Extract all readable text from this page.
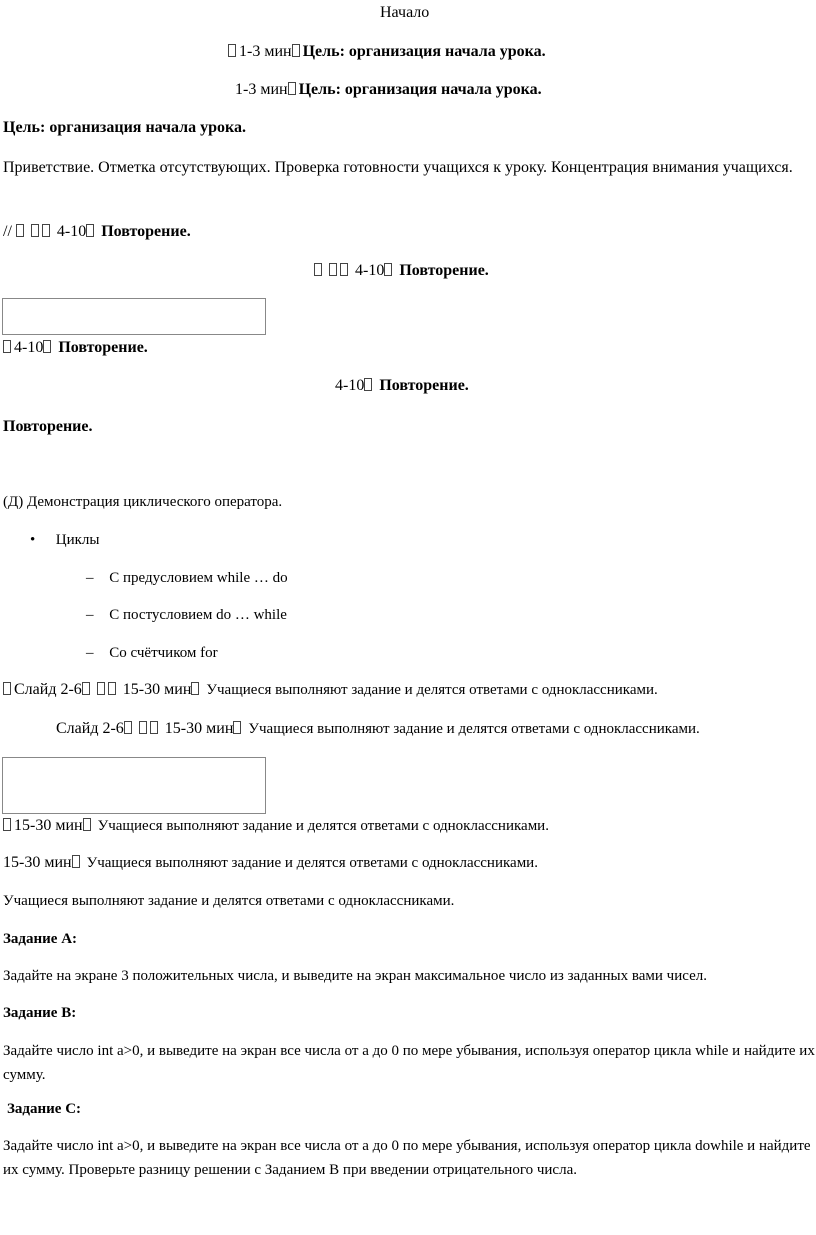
Начало
1-3 мин Цель: организация начала урока.
1-3 мин Цель: организация начала урока.
Цель: организация начала урока.
Приветствие. Отметка отсутствующих. Проверка готовности учащихся к уроку. Концентрация внимания учащихся.
//	4-10 Повторение.
4-10 Повторение.
4-10 Повторение.
4-10 Повторение.
Повторение.
(Д) Демонстрация циклического оператора.
• Циклы
– С предусловием while … do
– С постусловием do … while
– Со счётчиком for
Слайд 2-6	15-30 мин Учащиеся выполняют задание и делятся ответами с одноклассниками.
Слайд 2-6	15-30 мин Учащиеся выполняют задание и делятся ответами с одноклассниками.
15-30 мин Учащиеся выполняют задание и делятся ответами с одноклассниками.
15-30 мин Учащиеся выполняют задание и делятся ответами с одноклассниками.
Учащиеся выполняют задание и делятся ответами с одноклассниками.
Задание А:
Задайте на экране 3 положительных числа, и выведите на экран максимальное число из заданных вами чисел.
Задание В:
Задайте число int a>0, и выведите на экран все числа от a до 0 по мере убывания, используя оператор цикла while и найдите их сумму.
Задание С:
Задайте число int a>0, и выведите на экран все числа от a до 0 по мере убывания, используя оператор цикла dowhile и найдите их сумму. Проверьте разницу решении с Заданием В при введении отрицательного числа.
